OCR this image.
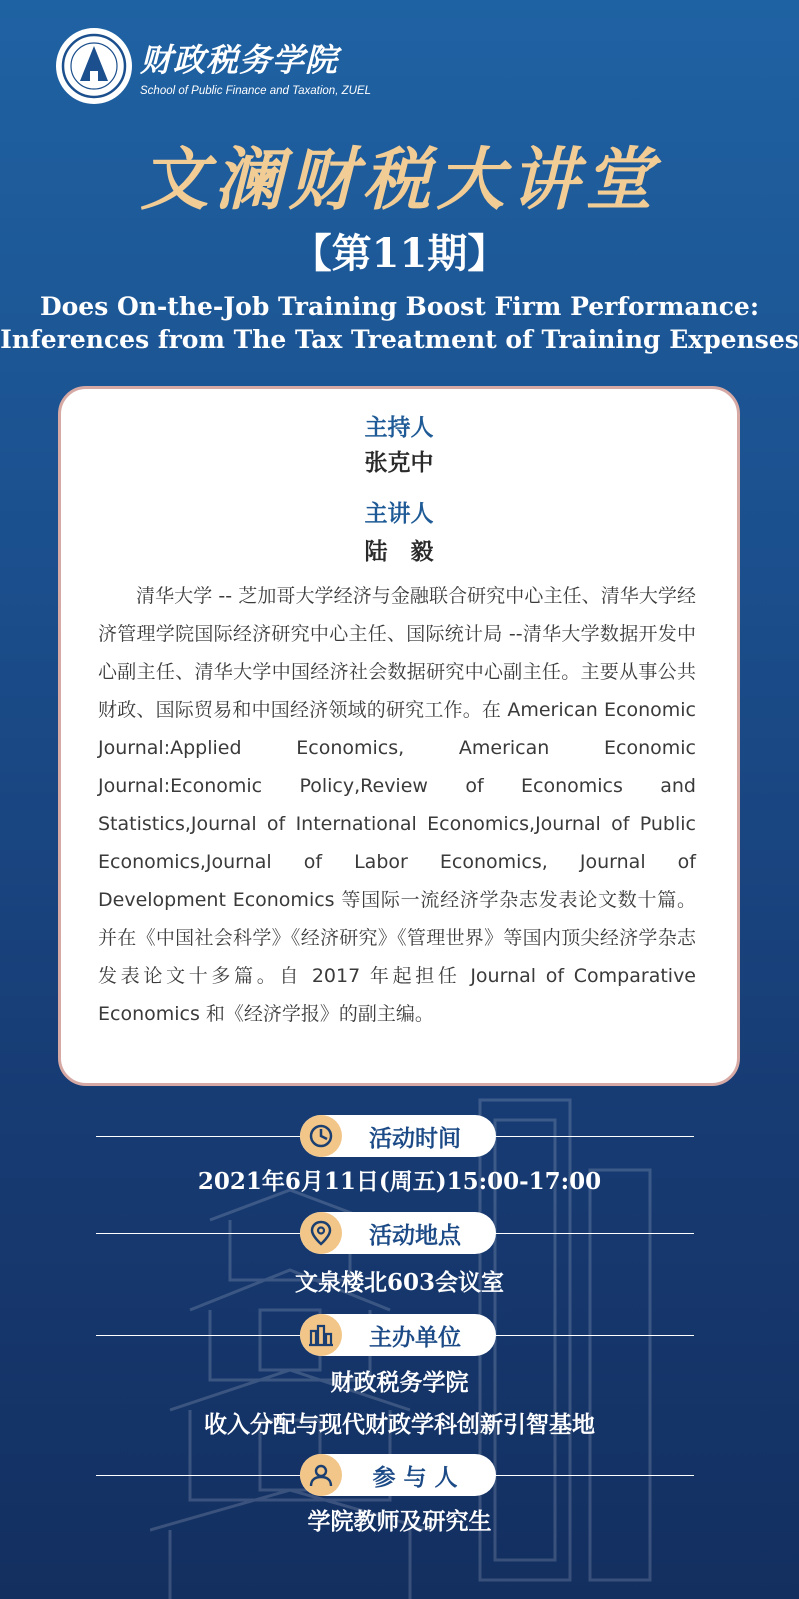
财政税务学院
School of Public Finance and Taxation, ZUEL
文澜财税大讲堂
【第11期】
Does On-the-Job Training Boost Firm Performance:
Inferences from The Tax Treatment of Training Expenses
主持人
张克中
主讲人
陆　毅

清华大学 -- 芝加哥大学经济与金融联合研究中心主任、清华大学经济管理学院国际经济研究中心主任、国际统计局 --清华大学数据开发中心副主任、清华大学中国经济社会数据研究中心副主任。主要从事公共财政、国际贸易和中国经济领域的研究工作。在 American Economic Journal:Applied Economics, American Economic Journal:Economic Policy,Review of Economics and Statistics,Journal of International Economics,Journal of Public Economics,Journal of Labor Economics, Journal of Development Economics 等国际一流经济学杂志发表论文数十篇。并在《中国社会科学》《经济研究》《管理世界》等国内顶尖经济学杂志发表论文十多篇。自 2017 年起担任 Journal of Comparative Economics 和《经济学报》的副主编。

活动时间
2021年6月11日(周五)15:00-17:00
活动地点
文泉楼北603会议室
主办单位
财政税务学院
收入分配与现代财政学科创新引智基地
参 与 人
学院教师及研究生
